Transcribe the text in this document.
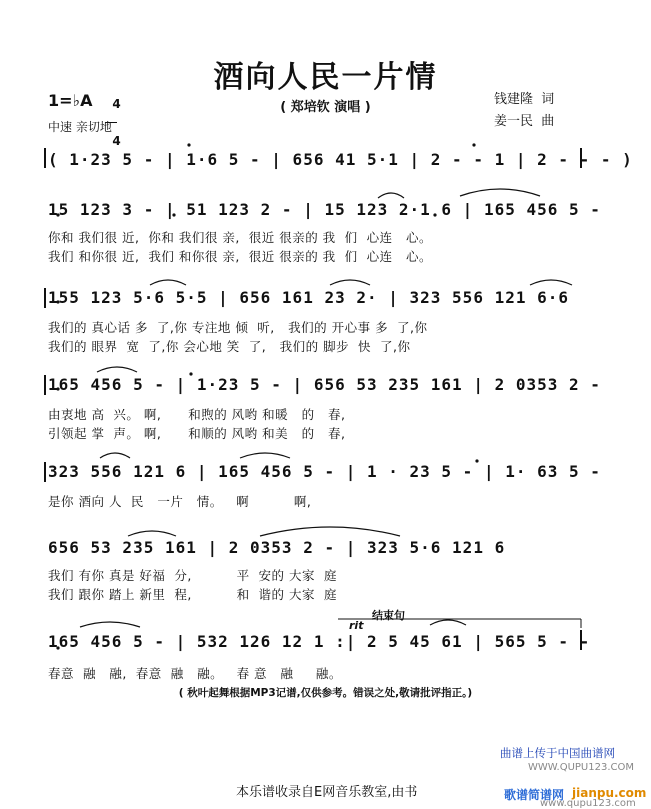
酒向人民一片情
( 郑培钦 演唱 )
1=♭A	4

4

中速 亲切地
钱建隆  词
姜一民  曲
( 1·23 5 - | 1·6 5 - | 656 41 5·1 | 2 - - 1 | 2 - - - )
15 123 3 - | 51 123 2 - | 15 123 2·1 6 | 165 456 5 -
你和 我们很 近,  你和 我们很 亲,  很近 很亲的 我  们  心连   心。
我们 和你很 近,  我们 和你很 亲,  很近 很亲的 我  们  心连   心。
155 123 5·6 5·5 | 656 161 23 2· | 323 556 121 6·6
我们的 真心话 多  了,你 专注地 倾  听,   我们的 开心事 多  了,你
我们的 眼界  宽  了,你 会心地 笑  了,   我们的 脚步  快  了,你
165 456 5 - | 1·23 5 - | 656 53 235 161 | 2 0353 2 -
由衷地 高  兴。 啊,      和煦的 风哟 和暖   的   春,
引领起 掌  声。 啊,      和顺的 风哟 和美   的   春,
323 556 121 6 | 165 456 5 - | 1 · 23 5 - | 1· 63 5 -
是你 酒向 人  民   一片   情。   啊          啊,
656 53 235 161 | 2 0353 2 - | 323 5·6 121 6
我们 有你 真是 好福  分,          平  安的 大家  庭
我们 跟你 踏上 新里  程,          和  谐的 大家  庭
结束句
rit
165 456 5 - | 532 126 12 1 :| 2 5 45 61 | 565 5 - -
春意  融   融,  春意  融   融。   春 意   融     融。
( 秋叶起舞根据MP3记谱,仅供参考。错误之处,敬请批评指正。)
曲谱上传于中国曲谱网
WWW.QUPU123.COM
本乐谱收录自E网音乐教室,由书	歌谱简谱网 jianpu.com
www.qupu123.com
